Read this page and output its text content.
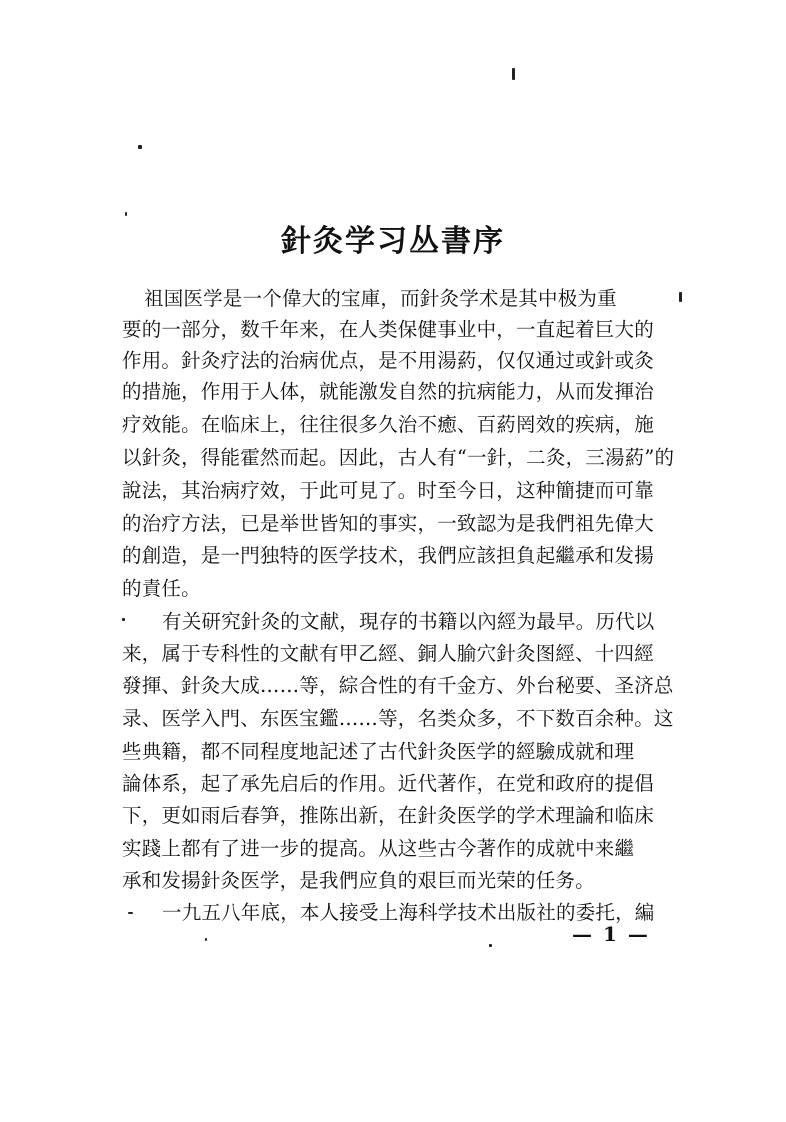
針灸学习丛書序
祖国医学是一个偉大的宝庫，而針灸学术是其中极为重
要的一部分，数千年来，在人类保健事业中，一直起着巨大的
作用。針灸疗法的治病优点，是不用湯葯，仅仅通过或針或灸
的措施，作用于人体，就能激发自然的抗病能力，从而发揮治
疗效能。在临床上，往往很多久治不癒、百葯罔效的疾病，施
以針灸，得能霍然而起。因此，古人有“一針，二灸，三湯葯”的
說法，其治病疗效，于此可見了。时至今日，这种簡捷而可靠
的治疗方法，已是举世皆知的事实，一致認为是我們祖先偉大
的創造，是一門独特的医学技术，我們应該担負起繼承和发揚
的責任。
有关研究針灸的文献，現存的书籍以內經为最早。历代以
来，属于专科性的文献有甲乙經、銅人腧穴針灸图經、十四經
發揮、針灸大成……等，綜合性的有千金方、外台秘要、圣济总
录、医学入門、东医宝鑑……等，名类众多，不下数百余种。这
些典籍，都不同程度地記述了古代針灸医学的經驗成就和理
論体系，起了承先启后的作用。近代著作，在党和政府的提倡
下，更如雨后春笋，推陈出新，在針灸医学的学术理論和临床
实踐上都有了进一步的提高。从这些古今著作的成就中来繼
承和发揚針灸医学，是我們应負的艰巨而光荣的任务。
一九五八年底，本人接受上海科学技术出版社的委托，編
— 1 —
